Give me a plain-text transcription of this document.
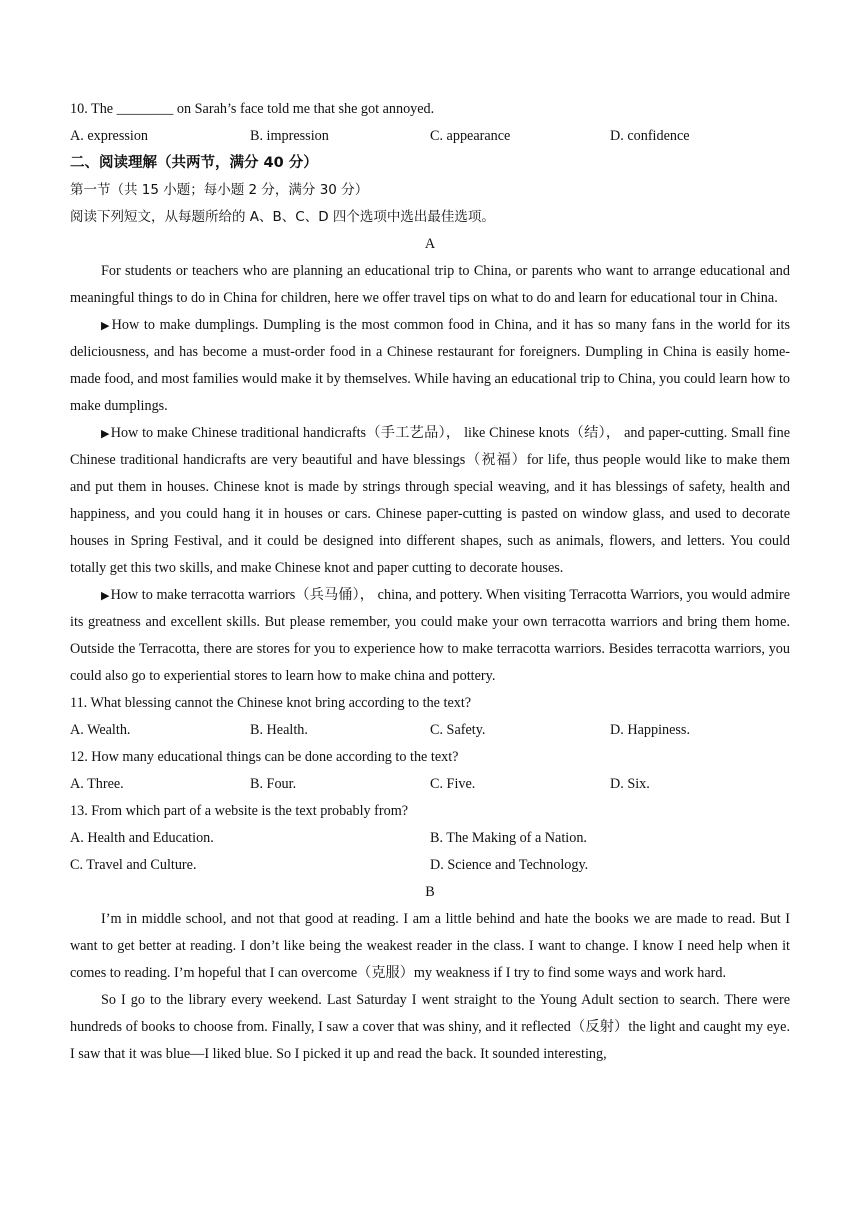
10. The ________ on Sarah’s face told me that she got annoyed.
A. expression	B. impression	C. appearance	D. confidence
二、阅读理解（共两节，满分 40 分）
第一节（共 15 小题；每小题 2 分，满分 30 分）
阅读下列短文，从每题所给的 A、B、C、D 四个选项中选出最佳选项。
A
For students or teachers who are planning an educational trip to China, or parents who want to arrange educational and meaningful things to do in China for children, here we offer travel tips on what to do and learn for educational tour in China.
▶How to make dumplings. Dumpling is the most common food in China, and it has so many fans in the world for its deliciousness, and has become a must-order food in a Chinese restaurant for foreigners. Dumpling in China is easily home-made food, and most families would make it by themselves. While having an educational trip to China, you could learn how to make dumplings.
▶How to make Chinese traditional handicrafts（手工艺品）， like Chinese knots（结）， and paper-cutting. Small fine Chinese traditional handicrafts are very beautiful and have blessings（祝福）for life, thus people would like to make them and put them in houses. Chinese knot is made by strings through special weaving, and it has blessings of safety, health and happiness, and you could hang it in houses or cars. Chinese paper-cutting is pasted on window glass, and used to decorate houses in Spring Festival, and it could be designed into different shapes, such as animals, flowers, and letters. You could totally get this two skills, and make Chinese knot and paper cutting to decorate houses.
▶How to make terracotta warriors（兵马俑）， china, and pottery. When visiting Terracotta Warriors, you would admire its greatness and excellent skills. But please remember, you could make your own terracotta warriors and bring them home. Outside the Terracotta, there are stores for you to experience how to make terracotta warriors. Besides terracotta warriors, you could also go to experiential stores to learn how to make china and pottery.
11. What blessing cannot the Chinese knot bring according to the text?
A. Wealth.	B. Health.	C. Safety.	D. Happiness.
12. How many educational things can be done according to the text?
A. Three.	B. Four.	C. Five.	D. Six.
13. From which part of a website is the text probably from?
A. Health and Education.	B. The Making of a Nation.
C. Travel and Culture.	D. Science and Technology.
B
I’m in middle school, and not that good at reading. I am a little behind and hate the books we are made to read. But I want to get better at reading. I don’t like being the weakest reader in the class. I want to change. I know I need help when it comes to reading. I’m hopeful that I can overcome（克服）my weakness if I try to find some ways and work hard.
So I go to the library every weekend. Last Saturday I went straight to the Young Adult section to search. There were hundreds of books to choose from. Finally, I saw a cover that was shiny, and it reflected（反射）the light and caught my eye. I saw that it was blue—I liked blue. So I picked it up and read the back. It sounded interesting,
